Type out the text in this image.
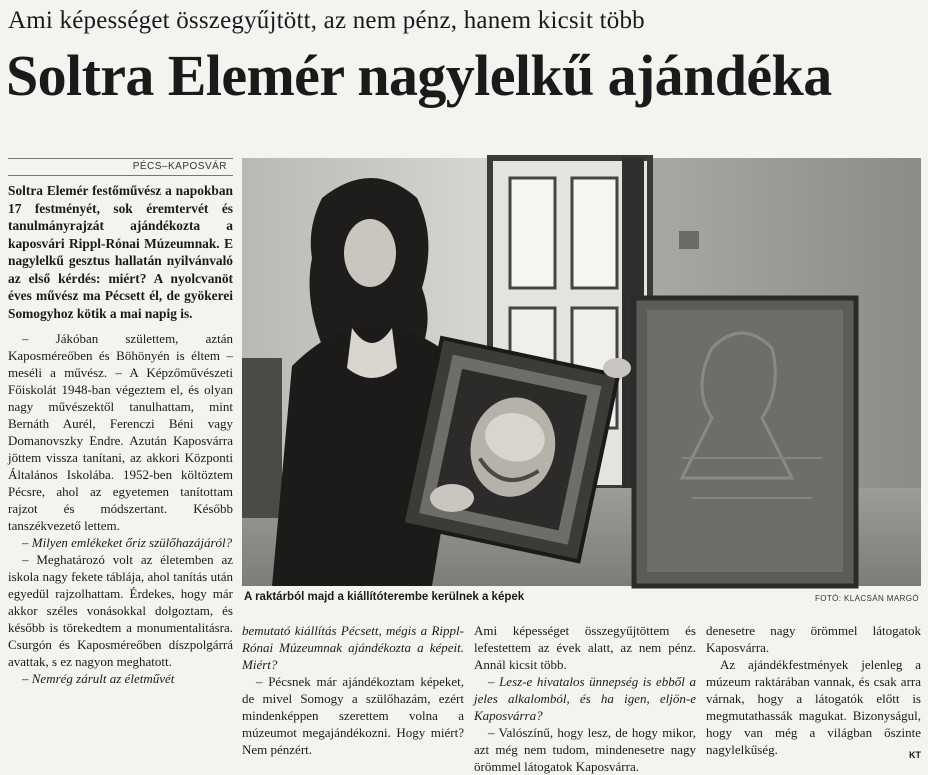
Ami képességet összegyűjtött, az nem pénz, hanem kicsit több
Soltra Elemér nagylelkű ajándéka
PÉCS–KAPOSVÁR

Soltra Elemér festőművész a napokban 17 festményét, sok éremtervét és tanulmányrajzát ajándékozta a kaposvári Rippl-Rónai Múzeumnak. E nagylelkű gesztus hallatán nyilvánvaló az első kérdés: miért? A nyolcvanöt éves művész ma Pécsett él, de gyökerei Somogyhoz kötik a mai napig is.

– Jákóban születtem, aztán Kaposméreőben és Böhönyén is éltem – meséli a művész. – A Képzőművészeti Főiskolát 1948-ban végeztem el, és olyan nagy művészektől tanulhattam, mint Bernáth Aurél, Ferenczi Béni vagy Domanovszky Endre. Azután Kaposvárra jöttem vissza tanítani, az akkori Központi Általános Iskolába. 1952-ben költöztem Pécsre, ahol az egyetemen tanítottam rajzot és módszertant. Később tanszékvezető lettem.

– Milyen emlékeket őriz szülőhazájáról?

– Meghatározó volt az életemben az iskola nagy fekete táblája, ahol tanítás után egyedül rajzolhattam. Érdekes, hogy már akkor széles vonásokkal dolgoztam, és később is törekedtem a monumentalitásra. Csurgón és Kaposméreőben díszpolgárrá avattak, s ez nagyon meghatott.

– Nemrég zárult az életművét

A raktárból majd a kiállítóterembe kerülnek a képek	FOTÓ: KLACSÁN MARGÓ

bemutató kiállítás Pécsett, mégis a Rippl-Rónai Múzeumnak ajándékozta a képeit. Miért?

– Pécsnek már ajándékoztam képeket, de mivel Somogy a szülőhazám, ezért mindenképpen szerettem volna a múzeumot megajándékozni. Hogy miért? Nem pénzért.

Ami képességet összegyűjtöttem és lefestettem az évek alatt, az nem pénz. Annál kicsit több.

– Lesz-e hivatalos ünnepség is ebből a jeles alkalomból, és ha igen, eljön-e Kaposvárra?

– Valószínű, hogy lesz, de hogy mikor, azt még nem tudom, mindenesetre nagy örömmel látogatok Kaposvárra.

denesetre nagy örömmel látogatok Kaposvárra.

Az ajándékfestmények jelenleg a múzeum raktárában vannak, és csak arra várnak, hogy a látogatók előtt is megmutathassák magukat. Bizonyságul, hogy van még a világban őszinte nagylelkűség.	KT
